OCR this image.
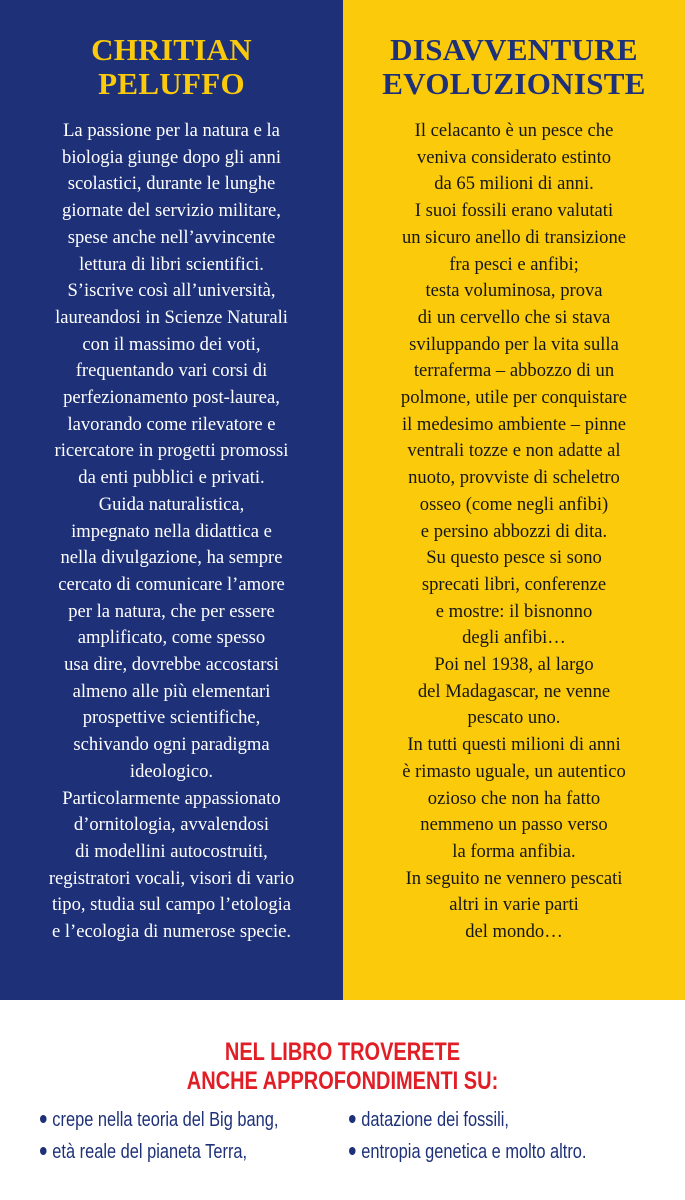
CHRITIAN
PELUFFO
La passione per la natura e la
biologia giunge dopo gli anni
scolastici, durante le lunghe
giornate del servizio militare,
spese anche nell’avvincente
lettura di libri scientifici.
S’iscrive così all’università,
laureandosi in Scienze Naturali
con il massimo dei voti,
frequentando vari corsi di
perfezionamento post-laurea,
lavorando come rilevatore e
ricercatore in progetti promossi
da enti pubblici e privati.
Guida naturalistica,
impegnato nella didattica e
nella divulgazione, ha sempre
cercato di comunicare l’amore
per la natura, che per essere
amplificato, come spesso
usa dire, dovrebbe accostarsi
almeno alle più elementari
prospettive scientifiche,
schivando ogni paradigma
ideologico.
Particolarmente appassionato
d’ornitologia, avvalendosi
di modellini autocostruiti,
registratori vocali, visori di vario
tipo, studia sul campo l’etologia
e l’ecologia di numerose specie.
DISAVVENTURE
EVOLUZIONISTE
Il celacanto è un pesce che
veniva considerato estinto
da 65 milioni di anni.
I suoi fossili erano valutati
un sicuro anello di transizione
fra pesci e anfibi;
testa voluminosa, prova
di un cervello che si stava
sviluppando per la vita sulla
terraferma – abbozzo di un
polmone, utile per conquistare
il medesimo ambiente – pinne
ventrali tozze e non adatte al
nuoto, provviste di scheletro
osseo (come negli anfibi)
e persino abbozzi di dita.
Su questo pesce si sono
sprecati libri, conferenze
e mostre: il bisnonno
degli anfibi…
Poi nel 1938, al largo
del Madagascar, ne venne
pescato uno.
In tutti questi milioni di anni
è rimasto uguale, un autentico
ozioso che non ha fatto
nemmeno un passo verso
la forma anfibia.
In seguito ne vennero pescati
altri in varie parti
del mondo…
NEL LIBRO TROVERETE
ANCHE APPROFONDIMENTI SU:
crepe nella teoria del Big bang,	datazione dei fossili,
età reale del pianeta Terra,	entropia genetica e molto altro.
